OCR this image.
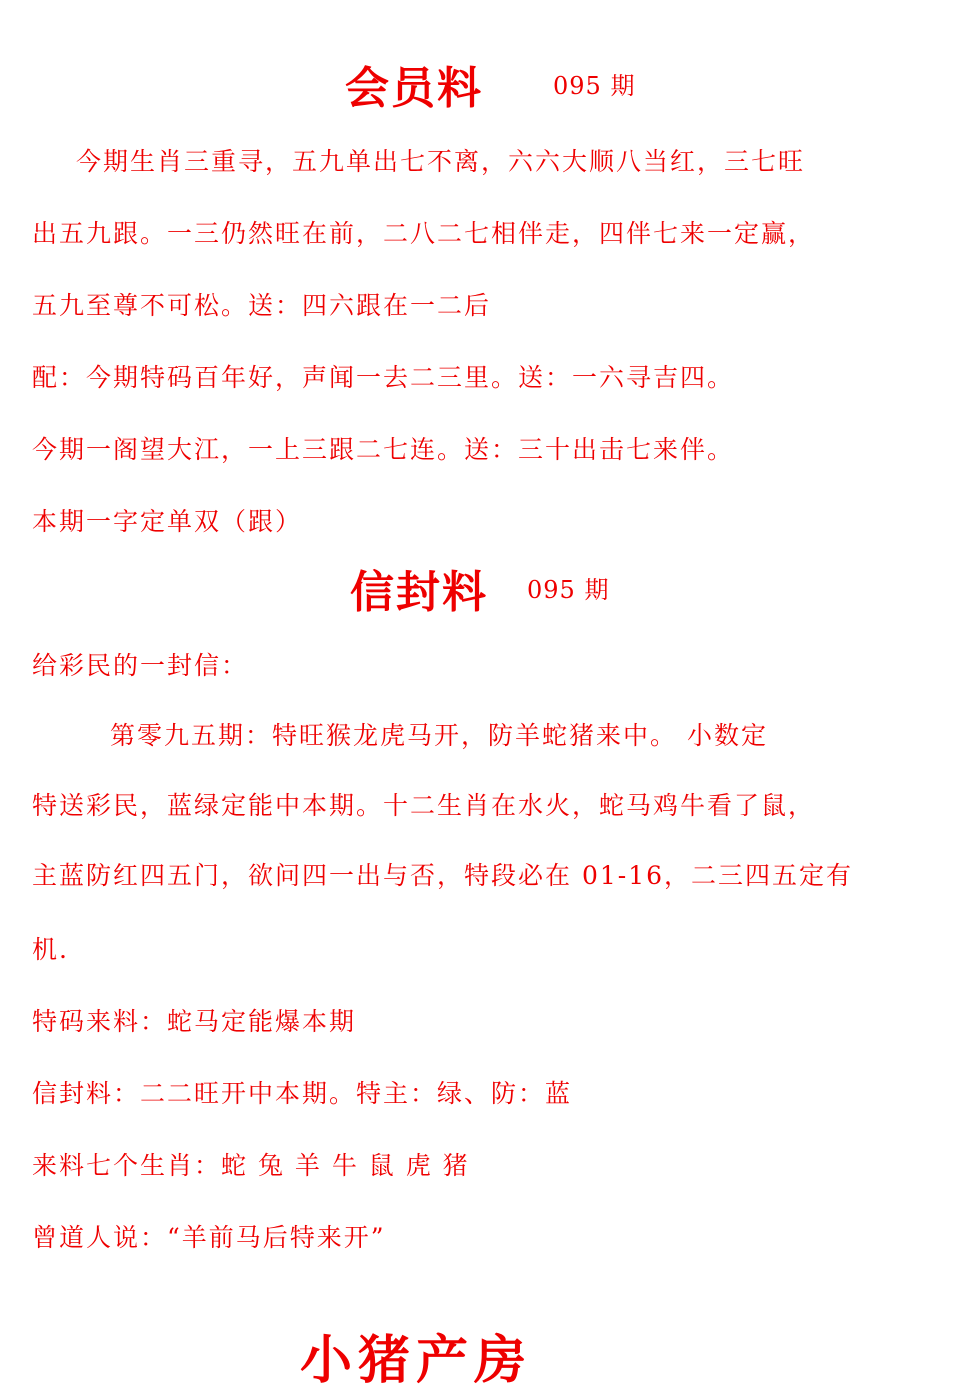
会员料	095 期
今期生肖三重寻，五九单出七不离，六六大顺八当红，三七旺
出五九跟。一三仍然旺在前，二八二七相伴走，四伴七来一定赢，
五九至尊不可松。送：四六跟在一二后
配：今期特码百年好，声闻一去二三里。送：一六寻吉四。
今期一阁望大江，一上三跟二七连。送：三十出击七来伴。
本期一字定单双（跟）
信封料 095 期
给彩民的一封信：
第零九五期：特旺猴龙虎马开，防羊蛇猪来中。 小数定
特送彩民，蓝绿定能中本期。十二生肖在水火，蛇马鸡牛看了鼠，
主蓝防红四五门，欲问四一出与否，特段必在 01-16，二三四五定有
机.
特码来料：蛇马定能爆本期
信封料：二二旺开中本期。特主：绿、防：蓝
来料七个生肖：蛇 兔 羊 牛 鼠 虎 猪
曾道人说：“羊前马后特来开”
小猪产房
